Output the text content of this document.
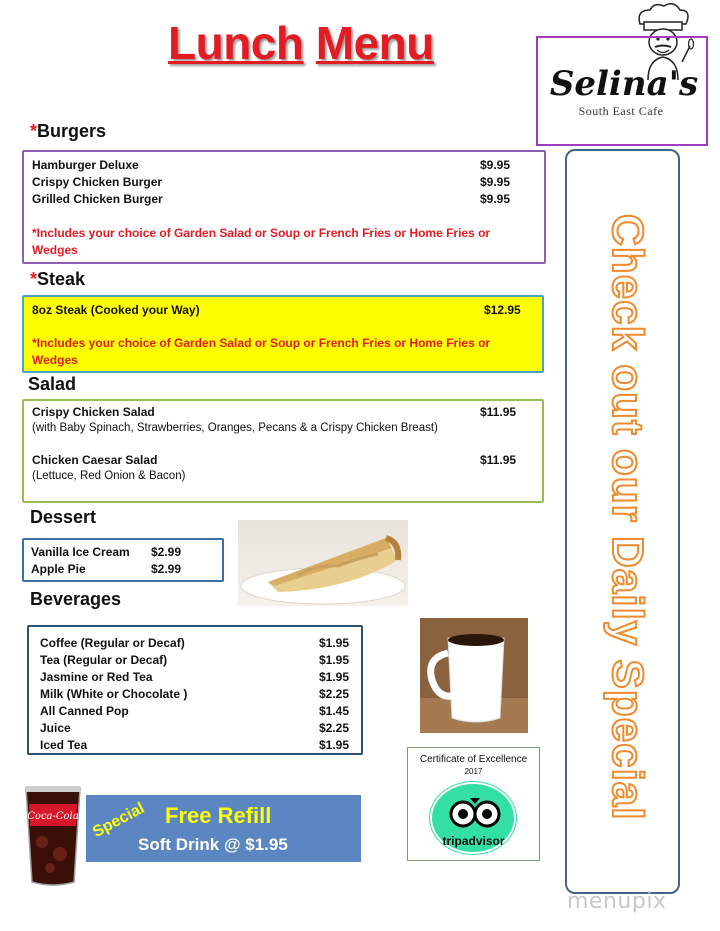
Lunch Menu
Selina's
South East Cafe
*Burgers
Hamburger Deluxe	$9.95
Crispy Chicken Burger	$9.95
Grilled Chicken Burger	$9.95
*Includes your choice of Garden Salad or Soup or French Fries or Home Fries or
Wedges
*Steak
8oz Steak (Cooked your Way)	$12.95
*Includes your choice of Garden Salad or Soup or French Fries or Home Fries or
Wedges
Salad
Crispy Chicken Salad	$11.95
(with Baby Spinach, Strawberries, Oranges, Pecans & a Crispy Chicken Breast)
Chicken Caesar Salad	$11.95
(Lettuce, Red Onion & Bacon)
Dessert
Vanilla Ice Cream $2.99
Apple Pie	$2.99
Beverages
Coffee (Regular or Decaf)	$1.95
Tea (Regular or Decaf)	$1.95
Jasmine or Red Tea	$1.95
Milk (White or Chocolate )	$2.25
All Canned Pop	$1.45
Juice	$2.25
Iced Tea	$1.95
Certificate of Excellence
2017
tripadvisor
Coca-Cola Special Free Refill
Soft Drink @ $1.95
Check out our Daily Special
menupix
